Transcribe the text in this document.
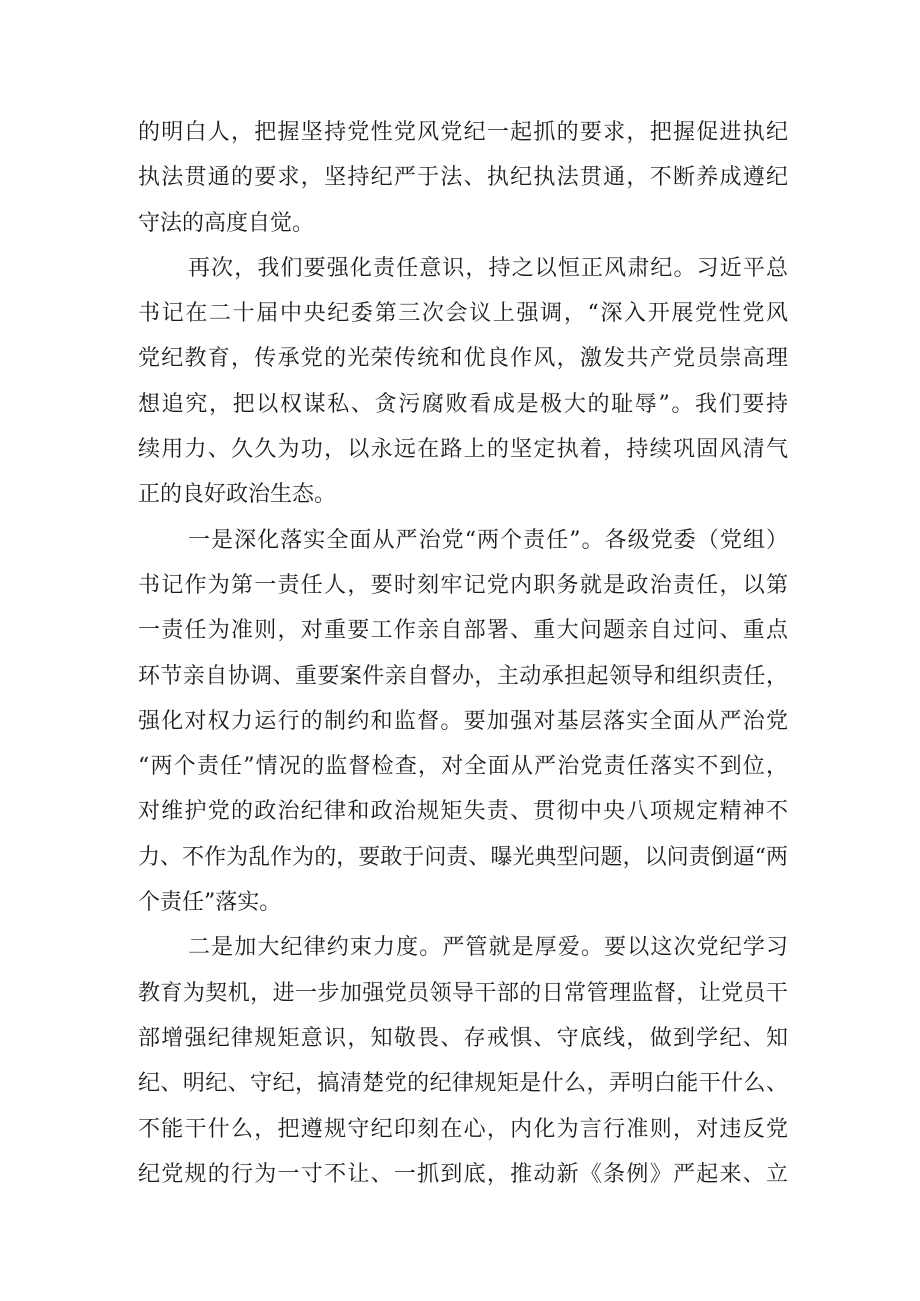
的明白人，把握坚持党性党风党纪一起抓的要求，把握促进执纪
执法贯通的要求，坚持纪严于法、执纪执法贯通，不断养成遵纪
守法的高度自觉。
再次，我们要强化责任意识，持之以恒正风肃纪。习近平总
书记在二十届中央纪委第三次会议上强调，“深入开展党性党风
党纪教育，传承党的光荣传统和优良作风，激发共产党员崇高理
想追究，把以权谋私、贪污腐败看成是极大的耻辱”。我们要持
续用力、久久为功，以永远在路上的坚定执着，持续巩固风清气
正的良好政治生态。
一是深化落实全面从严治党“两个责任”。各级党委（党组）
书记作为第一责任人，要时刻牢记党内职务就是政治责任，以第
一责任为准则，对重要工作亲自部署、重大问题亲自过问、重点
环节亲自协调、重要案件亲自督办，主动承担起领导和组织责任，
强化对权力运行的制约和监督。要加强对基层落实全面从严治党
“两个责任”情况的监督检查，对全面从严治党责任落实不到位，
对维护党的政治纪律和政治规矩失责、贯彻中央八项规定精神不
力、不作为乱作为的，要敢于问责、曝光典型问题，以问责倒逼“两
个责任”落实。
二是加大纪律约束力度。严管就是厚爱。要以这次党纪学习
教育为契机，进一步加强党员领导干部的日常管理监督，让党员干
部增强纪律规矩意识，知敬畏、存戒惧、守底线，做到学纪、知
纪、明纪、守纪，搞清楚党的纪律规矩是什么，弄明白能干什么、
不能干什么，把遵规守纪印刻在心，内化为言行准则，对违反党
纪党规的行为一寸不让、一抓到底，推动新《条例》严起来、立
